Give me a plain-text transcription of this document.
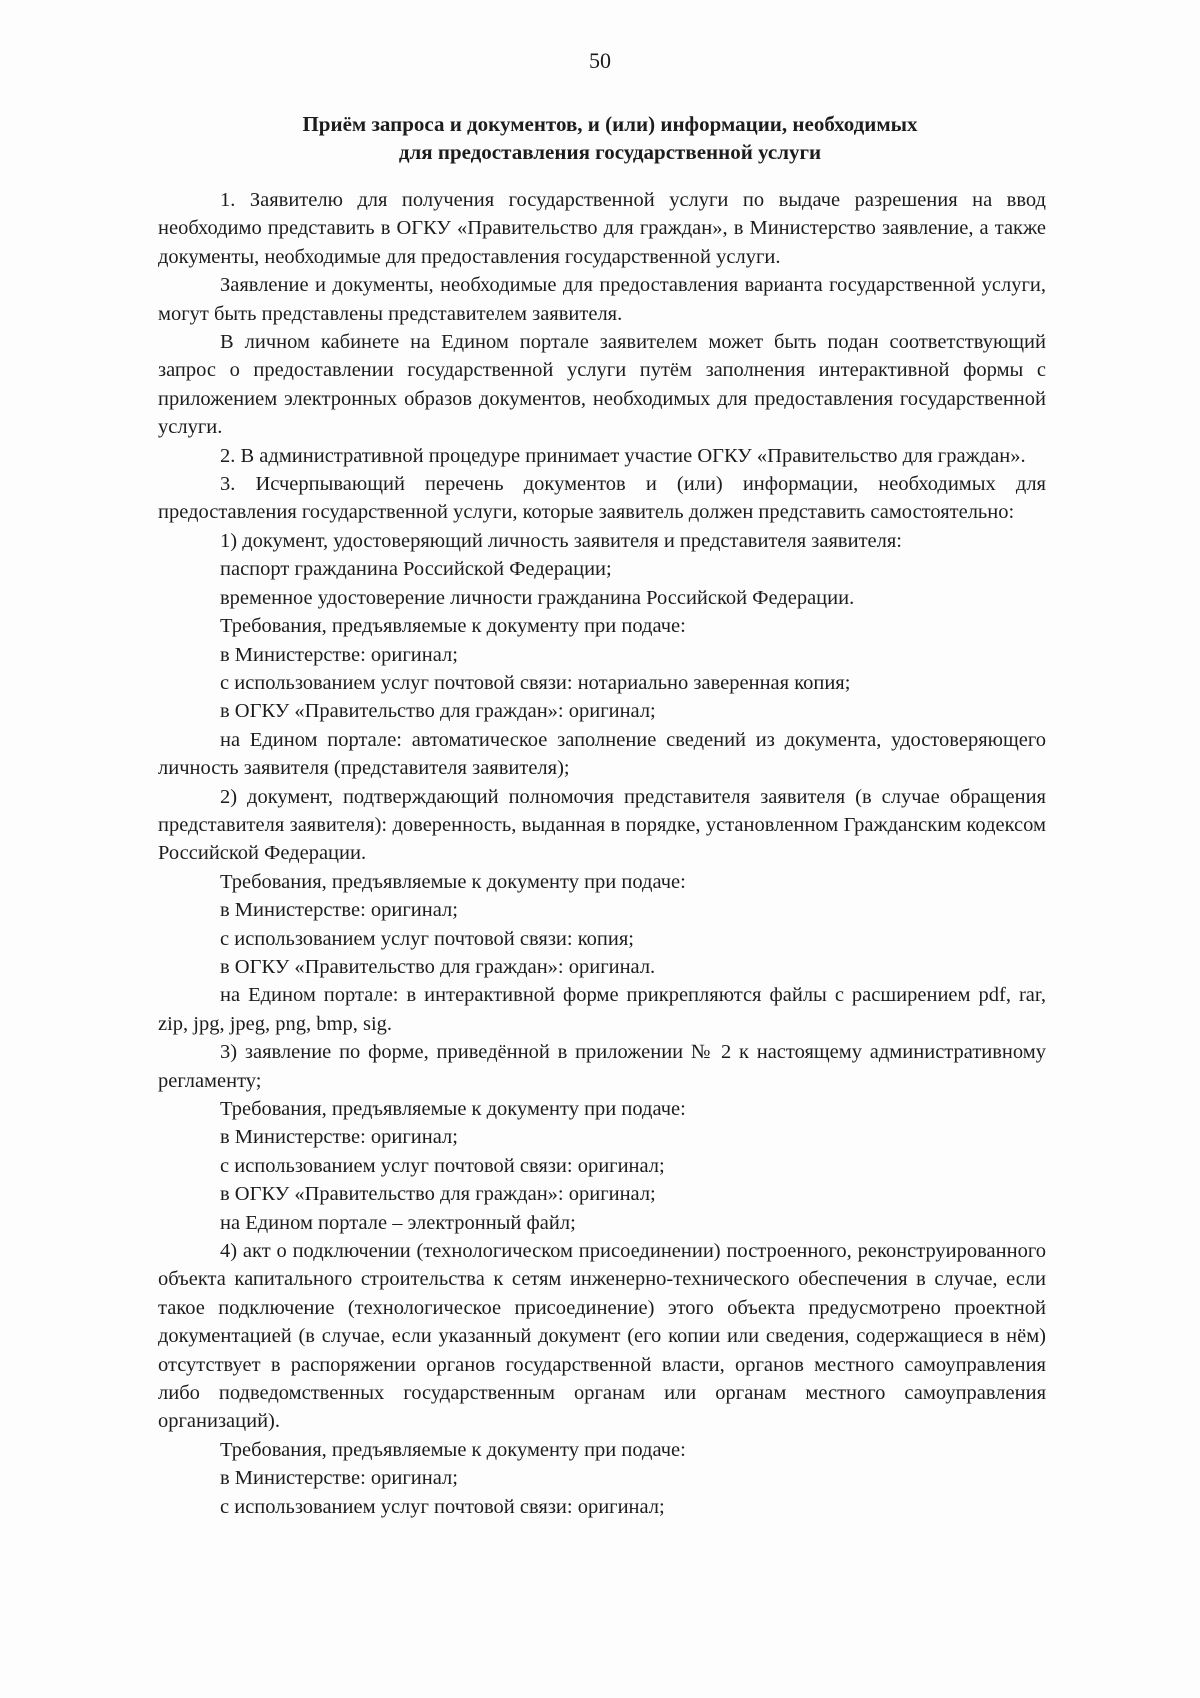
50
Приём запроса и документов, и (или) информации, необходимых
для предоставления государственной услуги

1. Заявителю для получения государственной услуги по выдаче разрешения на ввод необходимо представить в ОГКУ «Правительство для граждан», в Министерство заявление, а также документы, необходимые для предоставления государственной услуги.

Заявление и документы, необходимые для предоставления варианта государственной услуги, могут быть представлены представителем заявителя.

В личном кабинете на Едином портале заявителем может быть подан соответствующий запрос о предоставлении государственной услуги путём заполнения интерактивной формы с приложением электронных образов документов, необходимых для предоставления государственной услуги.

2. В административной процедуре принимает участие ОГКУ «Правительство для граждан».

3. Исчерпывающий перечень документов и (или) информации, необходимых для предоставления государственной услуги, которые заявитель должен представить самостоятельно:

1) документ, удостоверяющий личность заявителя и представителя заявителя:

паспорт гражданина Российской Федерации;

временное удостоверение личности гражданина Российской Федерации.

Требования, предъявляемые к документу при подаче:

в Министерстве: оригинал;

с использованием услуг почтовой связи: нотариально заверенная копия;

в ОГКУ «Правительство для граждан»: оригинал;

на Едином портале: автоматическое заполнение сведений из документа, удостоверяющего личность заявителя (представителя заявителя);

2) документ, подтверждающий полномочия представителя заявителя (в случае обращения представителя заявителя): доверенность, выданная в порядке, установленном Гражданским кодексом Российской Федерации.

Требования, предъявляемые к документу при подаче:

в Министерстве: оригинал;

с использованием услуг почтовой связи: копия;

в ОГКУ «Правительство для граждан»: оригинал.

на Едином портале: в интерактивной форме прикрепляются файлы с расширением pdf, rar, zip, jpg, jpeg, png, bmp, sig.

3) заявление по форме, приведённой в приложении № 2 к настоящему административному регламенту;

Требования, предъявляемые к документу при подаче:

в Министерстве: оригинал;

с использованием услуг почтовой связи: оригинал;

в ОГКУ «Правительство для граждан»: оригинал;

на Едином портале – электронный файл;

4) акт о подключении (технологическом присоединении) построенного, реконструированного объекта капитального строительства к сетям инженерно-технического обеспечения в случае, если такое подключение (технологическое присоединение) этого объекта предусмотрено проектной документацией (в случае, если указанный документ (его копии или сведения, содержащиеся в нём) отсутствует в распоряжении органов государственной власти, органов местного самоуправления либо подведомственных государственным органам или органам местного самоуправления организаций).

Требования, предъявляемые к документу при подаче:

в Министерстве: оригинал;

с использованием услуг почтовой связи: оригинал;
